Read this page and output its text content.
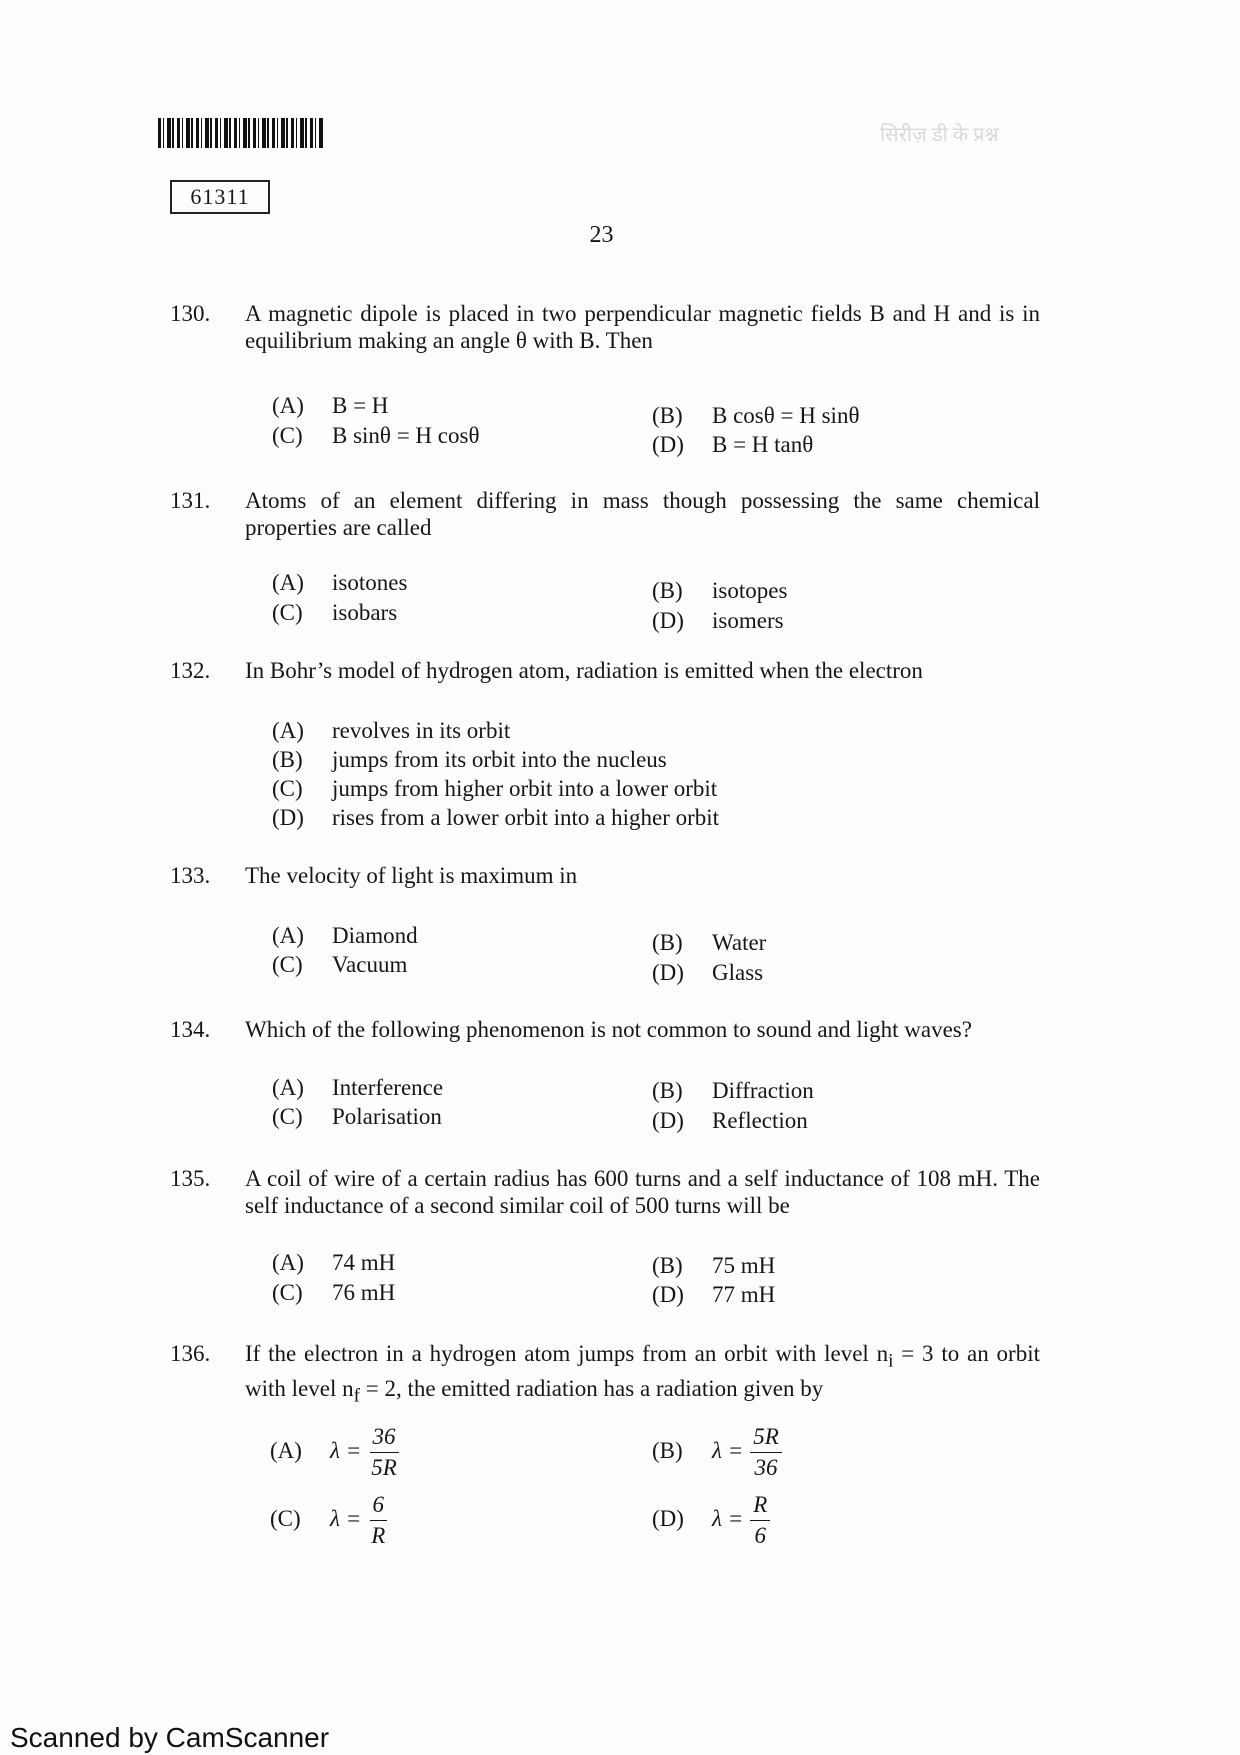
सिरीज़ डी के प्रश्न
61311
23
130. A magnetic dipole is placed in two perpendicular magnetic fields B and H and is in equilibrium making an angle θ with B. Then
(A) B = H	(B) B cosθ = H sinθ
(C) B sinθ = H cosθ	(D) B = H tanθ
131. Atoms of an element differing in mass though possessing the same chemical properties are called
(A) isotones	(B) isotopes
(C) isobars	(D) isomers
132. In Bohr’s model of hydrogen atom, radiation is emitted when the electron
(A) revolves in its orbit
(B) jumps from its orbit into the nucleus
(C) jumps from higher orbit into a lower orbit
(D) rises from a lower orbit into a higher orbit
133. The velocity of light is maximum in
(A) Diamond	(B) Water
(C) Vacuum	(D) Glass
134. Which of the following phenomenon is not common to sound and light waves?
(A) Interference	(B) Diffraction
(C) Polarisation	(D) Reflection
135. A coil of wire of a certain radius has 600 turns and a self inductance of 108 mH. The self inductance of a second similar coil of 500 turns will be
(A) 74 mH	(B) 75 mH
(C) 76 mH	(D) 77 mH
136. If the electron in a hydrogen atom jumps from an orbit with level $n_i = 3$ to an orbit with level $n_f = 2$, the emitted radiation has a radiation given by
(A) $\lambda = \frac{36}{5R}$	(B) $\lambda = \frac{5R}{36}$
(C) $\lambda = \frac{6}{R}$	(D) $\lambda = \frac{R}{6}$
Scanned by CamScanner
